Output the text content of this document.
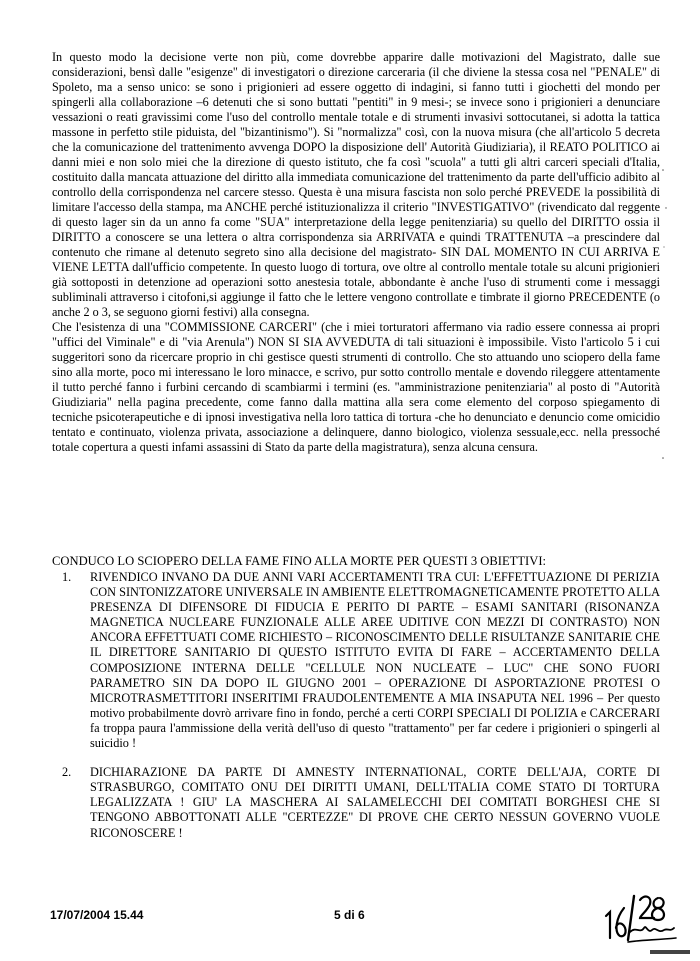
In questo modo la decisione verte non più, come dovrebbe apparire dalle motivazioni del Magistrato, dalle sue considerazioni, bensì dalle "esigenze" di investigatori o direzione carceraria (il che diviene la stessa cosa nel "PENALE" di Spoleto, ma a senso unico: se sono i prigionieri ad essere oggetto di indagini, si fanno tutti i giochetti del mondo per spingerli alla collaborazione –6 detenuti che si sono buttati "pentiti" in 9 mesi-; se invece sono i prigionieri a denunciare vessazioni o reati gravissimi come l'uso del controllo mentale totale e di strumenti invasivi sottocutanei, si adotta la tattica massone in perfetto stile piduista, del "bizantinismo"). Si "normalizza" così, con la nuova misura (che all'articolo 5 decreta che la comunicazione del trattenimento avvenga DOPO la disposizione dell' Autorità Giudiziaria), il REATO POLITICO ai danni miei e non solo miei che la direzione di questo istituto, che fa così "scuola" a tutti gli altri carceri speciali d'Italia, costituito dalla mancata attuazione del diritto alla immediata comunicazione del trattenimento da parte dell'ufficio adibito al controllo della corrispondenza nel carcere stesso. Questa è una misura fascista non solo perché PREVEDE la possibilità di limitare l'accesso della stampa, ma ANCHE perché istituzionalizza il criterio "INVESTIGATIVO" (rivendicato dal reggente di questo lager sin da un anno fa come "SUA" interpretazione della legge penitenziaria) su quello del DIRITTO ossia il DIRITTO a conoscere se una lettera o altra corrispondenza sia ARRIVATA e quindi TRATTENUTA –a prescindere dal contenuto che rimane al detenuto segreto sino alla decisione del magistrato- SIN DAL MOMENTO IN CUI ARRIVA E VIENE LETTA dall'ufficio competente. In questo luogo di tortura, ove oltre al controllo mentale totale su alcuni prigionieri già sottoposti in detenzione ad operazioni sotto anestesia totale, abbondante è anche l'uso di strumenti come i messaggi subliminali attraverso i citofoni,si aggiunge il fatto che le lettere vengono controllate e timbrate il giorno PRECEDENTE (o anche 2 o 3, se seguono giorni festivi) alla consegna.

Che l'esistenza di una "COMMISSIONE CARCERI" (che i miei torturatori affermano via radio essere connessa ai propri "uffici del Viminale" e di "via Arenula") NON SI SIA AVVEDUTA di tali situazioni è impossibile. Visto l'articolo 5 i cui suggeritori sono da ricercare proprio in chi gestisce questi strumenti di controllo. Che sto attuando uno sciopero della fame sino alla morte, poco mi interessano le loro minacce, e scrivo, pur sotto controllo mentale e dovendo rileggere attentamente il tutto perché fanno i furbini cercando di scambiarmi i termini (es. "amministrazione penitenziaria" al posto di "Autorità Giudiziaria" nella pagina precedente, come fanno dalla mattina alla sera come elemento del corposo spiegamento di tecniche psicoterapeutiche e di ipnosi investigativa nella loro tattica di tortura -che ho denunciato e denuncio come omicidio tentato e continuato, violenza privata, associazione a delinquere, danno biologico, violenza sessuale,ecc. nella pressoché totale copertura a questi infami assassini di Stato da parte della magistratura), senza alcuna censura.

CONDUCO LO SCIOPERO DELLA FAME FINO ALLA MORTE PER QUESTI 3 OBIETTIVI:
1. RIVENDICO INVANO DA DUE ANNI VARI ACCERTAMENTI TRA CUI: L'EFFETTUAZIONE DI PERIZIA CON SINTONIZZATORE UNIVERSALE IN AMBIENTE ELETTROMAGNETICAMENTE PROTETTO ALLA PRESENZA DI DIFENSORE DI FIDUCIA E PERITO DI PARTE – ESAMI SANITARI (RISONANZA MAGNETICA NUCLEARE FUNZIONALE ALLE AREE UDITIVE CON MEZZI DI CONTRASTO) NON ANCORA EFFETTUATI COME RICHIESTO – RICONOSCIMENTO DELLE RISULTANZE SANITARIE CHE IL DIRETTORE SANITARIO DI QUESTO ISTITUTO EVITA DI FARE – ACCERTAMENTO DELLA COMPOSIZIONE INTERNA DELLE "CELLULE NON NUCLEATE – LUC" CHE SONO FUORI PARAMETRO SIN DA DOPO IL GIUGNO 2001 – OPERAZIONE DI ASPORTAZIONE PROTESI O MICROTRASMETTITORI INSERITIMI FRAUDOLENTEMENTE A MIA INSAPUTA NEL 1996 – Per questo motivo probabilmente dovrò arrivare fino in fondo, perché a certi CORPI SPECIALI DI POLIZIA e CARCERARI fa troppa paura l'ammissione della verità dell'uso di questo "trattamento" per far cedere i prigionieri o spingerli al suicidio !
2. DICHIARAZIONE DA PARTE DI AMNESTY INTERNATIONAL, CORTE DELL'AJA, CORTE DI STRASBURGO, COMITATO ONU DEI DIRITTI UMANI, DELL'ITALIA COME STATO DI TORTURA LEGALIZZATA ! GIU' LA MASCHERA AI SALAMELECCHI DEI COMITATI BORGHESI CHE SI TENGONO ABBOTTONATI ALLE "CERTEZZE" DI PROVE CHE CERTO NESSUN GOVERNO VUOLE RICONOSCERE !
17/07/2004 15.44	5 di 6
